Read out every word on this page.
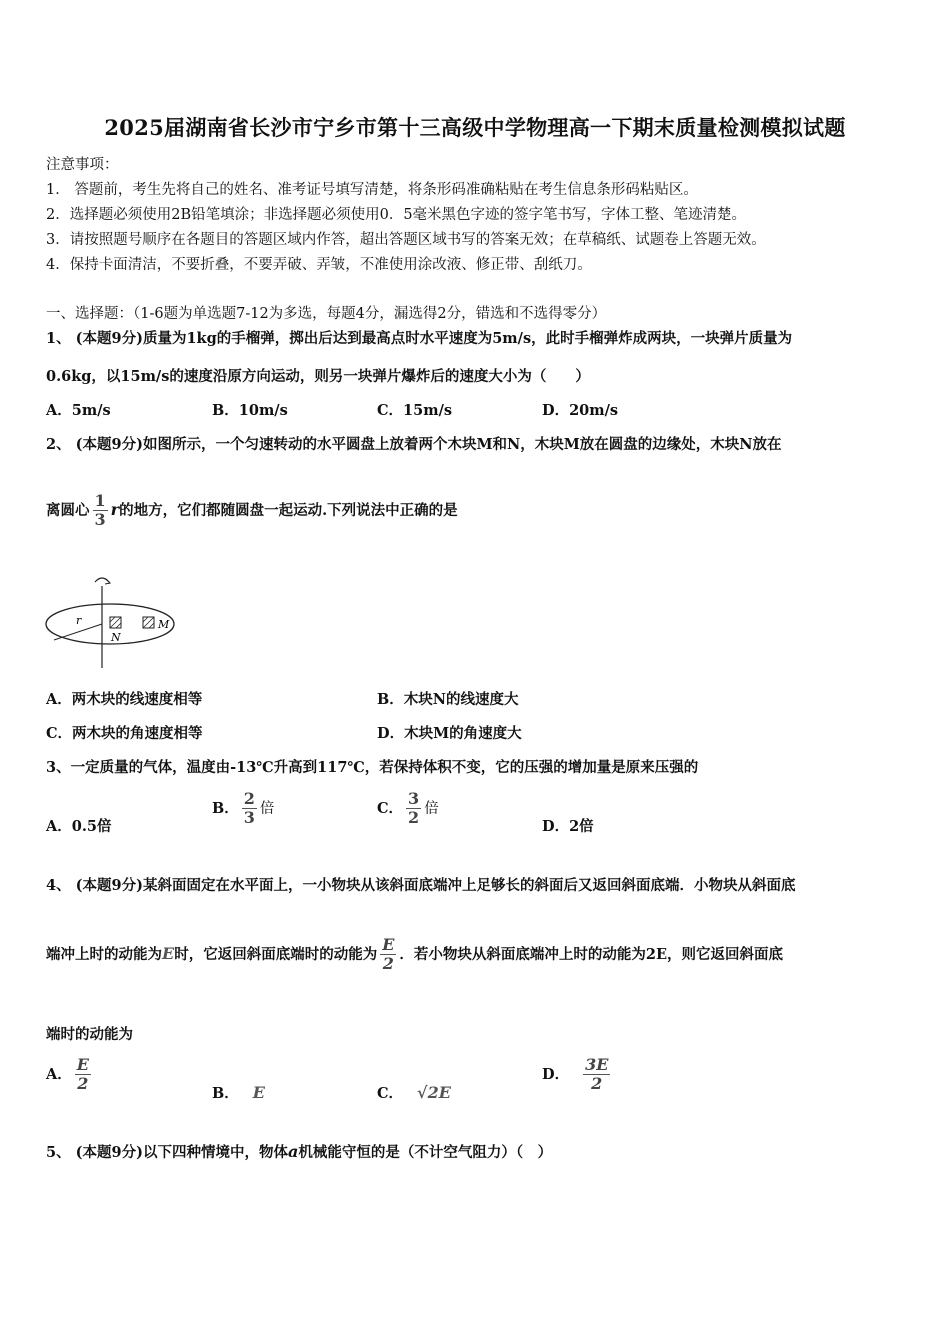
2025届湖南省长沙市宁乡市第十三高级中学物理高一下期末质量检测模拟试题
注意事项：
1． 答题前，考生先将自己的姓名、准考证号填写清楚，将条形码准确粘贴在考生信息条形码粘贴区。
2．选择题必须使用2B铅笔填涂；非选择题必须使用0．5毫米黑色字迹的签字笔书写，字体工整、笔迹清楚。
3．请按照题号顺序在各题目的答题区域内作答，超出答题区域书写的答案无效；在草稿纸、试题卷上答题无效。
4．保持卡面清洁，不要折叠，不要弄破、弄皱，不准使用涂改液、修正带、刮纸刀。
一、选择题：（1-6题为单选题7-12为多选，每题4分，漏选得2分，错选和不选得零分）
1、 (本题9分)质量为1kg的手榴弹，掷出后达到最高点时水平速度为5m/s，此时手榴弹炸成两块，一块弹片质量为
0.6kg，以15m/s的速度沿原方向运动，则另一块弹片爆炸后的速度大小为（　　）
A．5m/s	B．10m/s	C．15m/s	D．20m/s
2、 (本题9分)如图所示，一个匀速转动的水平圆盘上放着两个木块M和N，木块M放在圆盘的边缘处，木块N放在
离圆心 $\frac{1}{3}$ r的地方，它们都随圆盘一起运动.下列说法中正确的是
r
N
M
A．两木块的线速度相等	B．木块N的线速度大
C．两木块的角速度相等	D．木块M的角速度大
3、一定质量的气体，温度由-13℃升高到117℃，若保持体积不变，它的压强的增加量是原来压强的
A．0.5倍
B． $\frac{2}{3}$ 倍	C． $\frac{3}{2}$ 倍
D．2倍
4、 (本题9分)某斜面固定在水平面上，一小物块从该斜面底端冲上足够长的斜面后又返回斜面底端．小物块从斜面底
端冲上时的动能为E时，它返回斜面底端时的动能为 $\frac{E}{2}$ ．若小物块从斜面底端冲上时的动能为2E，则它返回斜面底
端时的动能为
A． $\frac{E}{2}$	B． E	C． √2E
D． $\frac{3E}{2}$
5、 (本题9分)以下四种情境中，物体a机械能守恒的是（不计空气阻力）（　）
